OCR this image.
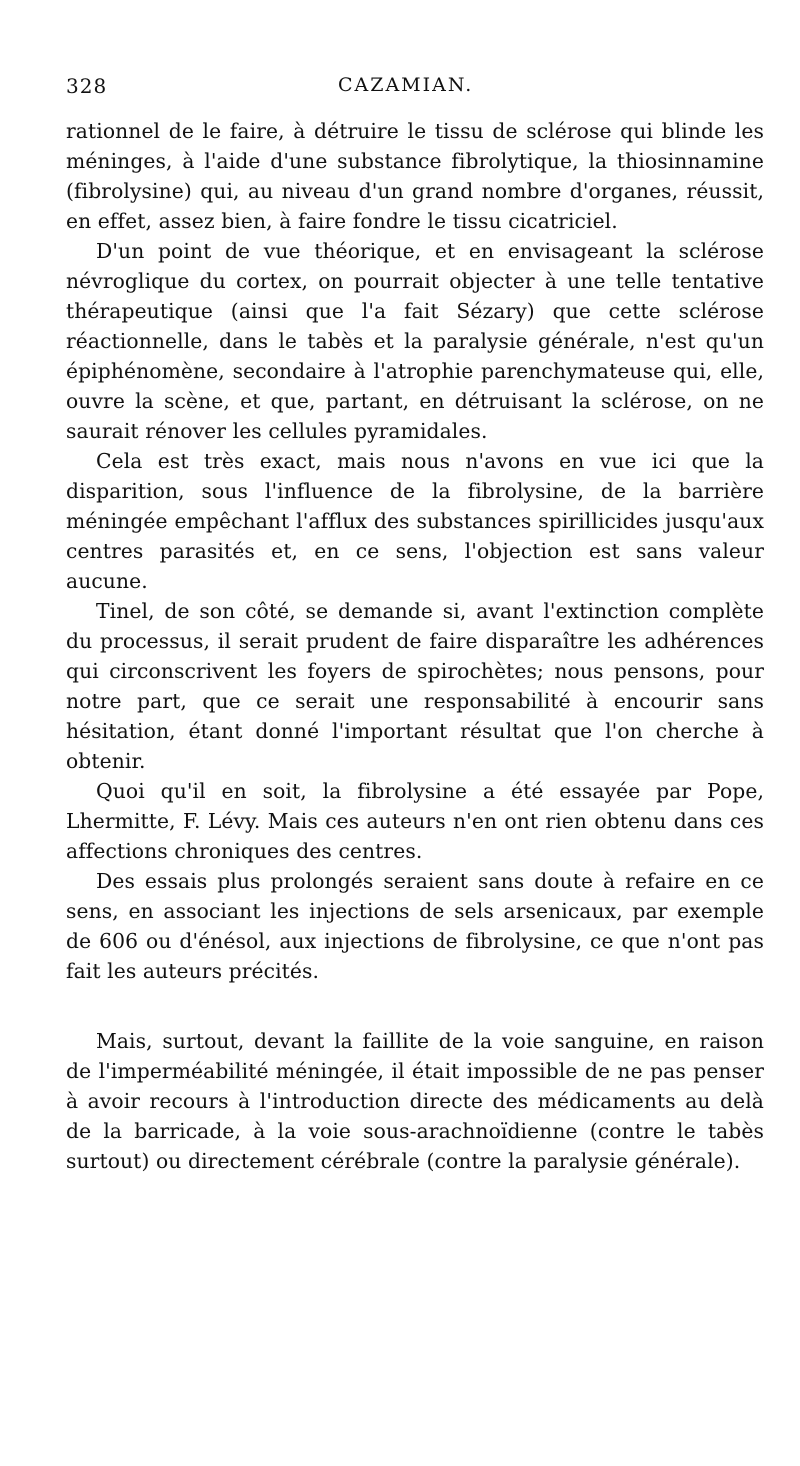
328	CAZAMIAN.

rationnel de le faire, à détruire le tissu de sclérose qui blinde les méninges, à l'aide d'une substance fibrolytique, la thiosinnamine (fibrolysine) qui, au niveau d'un grand nombre d'organes, réussit, en effet, assez bien, à faire fondre le tissu cicatriciel.

D'un point de vue théorique, et en envisageant la sclérose névroglique du cortex, on pourrait objecter à une telle tentative thérapeutique (ainsi que l'a fait Sézary) que cette sclérose réactionnelle, dans le tabès et la paralysie générale, n'est qu'un épiphénomène, secondaire à l'atrophie parenchymateuse qui, elle, ouvre la scène, et que, partant, en détruisant la sclérose, on ne saurait rénover les cellules pyramidales.

Cela est très exact, mais nous n'avons en vue ici que la disparition, sous l'influence de la fibrolysine, de la barrière méningée empêchant l'afflux des substances spirillicides jusqu'aux centres parasités et, en ce sens, l'objection est sans valeur aucune.

Tinel, de son côté, se demande si, avant l'extinction complète du processus, il serait prudent de faire disparaître les adhérences qui circonscrivent les foyers de spirochètes; nous pensons, pour notre part, que ce serait une responsabilité à encourir sans hésitation, étant donné l'important résultat que l'on cherche à obtenir.

Quoi qu'il en soit, la fibrolysine a été essayée par Pope, Lhermitte, F. Lévy. Mais ces auteurs n'en ont rien obtenu dans ces affections chroniques des centres.

Des essais plus prolongés seraient sans doute à refaire en ce sens, en associant les injections de sels arsenicaux, par exemple de 606 ou d'énésol, aux injections de fibrolysine, ce que n'ont pas fait les auteurs précités.

Mais, surtout, devant la faillite de la voie sanguine, en raison de l'imperméabilité méningée, il était impossible de ne pas penser à avoir recours à l'introduction directe des médicaments au delà de la barricade, à la voie sous-arachnoïdienne (contre le tabès surtout) ou directement cérébrale (contre la paralysie générale).
